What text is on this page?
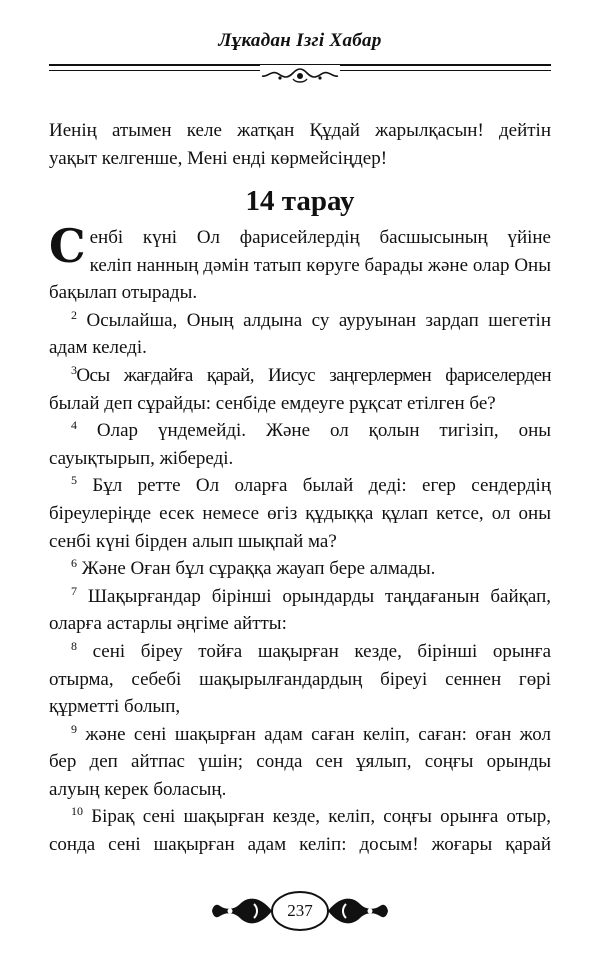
Лұкадан Ізгі Хабар
Иенің атымен келе жатқан Құдай жарылқасын! дейтін
уақыт келгенше, Мені енді көрмейсіңдер!
14 тарау
С енбі күні Ол фарисейлердің басшысының үйіне
келіп нанның дәмін татып көруге барады және олар Оны
бақылап отырады.
$^2$ Осылайша, Оның алдына су ауруынан зардап шегетін
адам келеді.
$^3$Осы жағдайға қарай, Иисус заңгерлермен фариселерден
былай деп сұрайды: сенбіде емдеуге рұқсат етілген бе?
$^4$ Олар үндемейді. Және ол қолын тигізіп, оны
сауықтырып, жібереді.
$^5$ Бұл ретте Ол оларға былай деді: егер сендердің
біреулеріңде есек немесе өгіз құдыққа құлап кетсе, ол оны
сенбі күні бірден алып шықпай ма?
$^6$ Және Оған бұл сұраққа жауап бере алмады.
$^7$ Шақырғандар бірінші орындарды таңдағанын байқап,
оларға астарлы әңгіме айтты:
$^8$ сені біреу тойға шақырған кезде, бірінші орынға
отырма, себебі шақырылғандардың біреуі сеннен гөрі
құрметті болып,
$^9$ және сені шақырған адам саған келіп, саған: оған жол
бер деп айтпас үшін; сонда сен ұялып, соңғы орынды
алуың керек боласың.
$^{10}$ Бірақ сені шақырған кезде, келіп, соңғы орынға отыр,
сонда сені шақырған адам келіп: досым! жоғары қарай
237
